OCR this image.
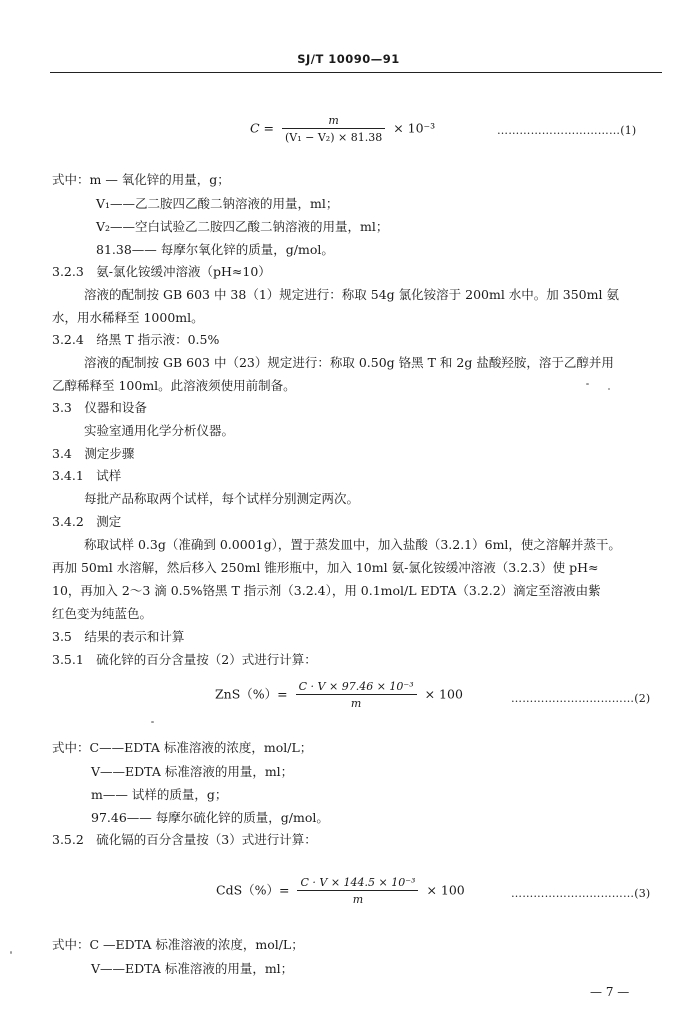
SJ/T 10090—91
$C = \frac{m}{\text{(V₁ − V₂) × 81.38}} \times 10^{-3}$	……………………………(1)
式中：m — 氧化锌的用量，g；
V₁——乙二胺四乙酸二钠溶液的用量，ml；
V₂——空白试验乙二胺四乙酸二钠溶液的用量，ml；
81.38—— 每摩尔氧化锌的质量，g/mol。
3.2.3　氨-氯化铵缓冲溶液（pH≈10）
溶液的配制按 GB 603 中 38（1）规定进行：称取 54g 氯化铵溶于 200ml 水中。加 350ml 氨
水，用水稀释至 1000ml。
3.2.4　络黑 T 指示液：0.5%
溶液的配制按 GB 603 中（23）规定进行：称取 0.50g 铬黑 T 和 2g 盐酸羟胺，溶于乙醇并用
乙醇稀释至 100ml。此溶液须使用前制备。
3.3　仪器和设备
实验室通用化学分析仪器。
3.4　测定步骤
3.4.1　试样
每批产品称取两个试样，每个试样分别测定两次。
3.4.2　测定
称取试样 0.3g（准确到 0.0001g），置于蒸发皿中，加入盐酸（3.2.1）6ml，使之溶解并蒸干。
再加 50ml 水溶解，然后移入 250ml 锥形瓶中，加入 10ml 氨-氯化铵缓冲溶液（3.2.3）使 pH≈
10，再加入 2～3 滴 0.5%铬黑 T 指示剂（3.2.4），用 0.1mol/L EDTA（3.2.2）滴定至溶液由紫
红色变为纯蓝色。
3.5　结果的表示和计算
3.5.1　硫化锌的百分含量按（2）式进行计算：
$ZnS(\%)= \frac{\text{C · V × 97.46 × 10⁻³}}{m} \times 100$	……………………………(2)
式中：C——EDTA 标准溶液的浓度，mol/L；
V——EDTA 标准溶液的用量，ml；
m—— 试样的质量，g；
97.46—— 每摩尔硫化锌的质量，g/mol。
3.5.2　硫化镉的百分含量按（3）式进行计算：
$CdS(\%)= \frac{\text{C · V × 144.5 × 10⁻³}}{m} \times 100$	……………………………(3)
式中：C —EDTA 标准溶液的浓度，mol/L；
V——EDTA 标准溶液的用量，ml；
— 7 —
